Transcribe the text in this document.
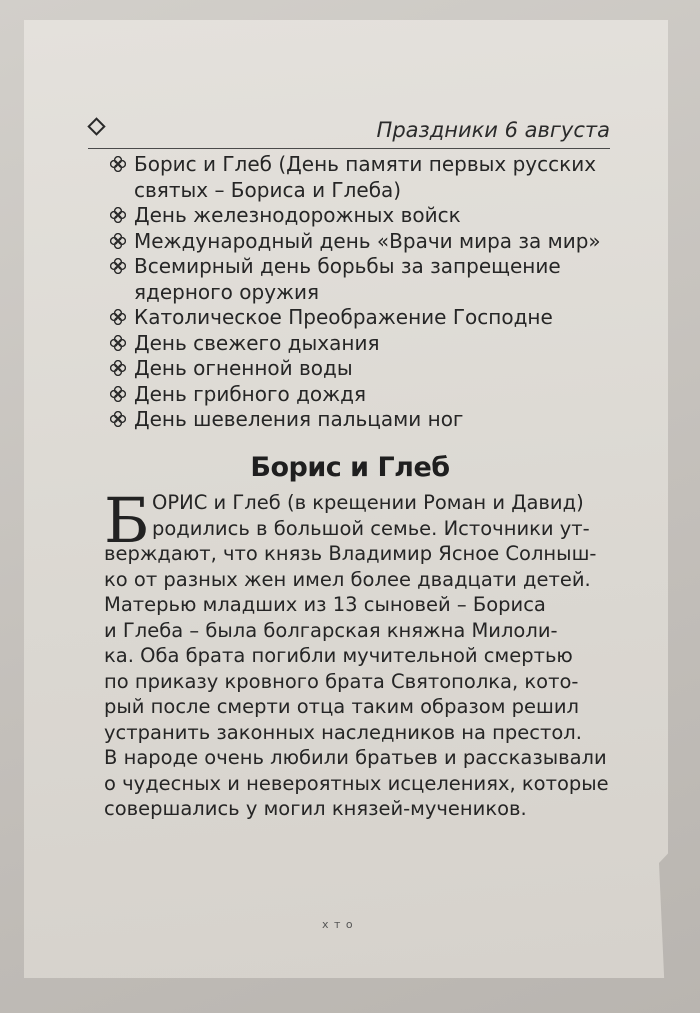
Праздники 6 августа
Борис и Глеб (День памяти первых русских
святых – Бориса и Глеба)
День железнодорожных войск
Международный день «Врачи мира за мир»
Всемирный день борьбы за запрещение
ядерного оружия
Католическое Преображение Господне
День свежего дыхания
День огненной воды
День грибного дождя
День шевеления пальцами ног
Борис и Глеб
Б ОРИС и Глеб (в крещении Роман и Давид)
родились в большой семье. Источники ут-
верждают, что князь Владимир Ясное Солныш-
ко от разных жен имел более двадцати детей.
Матерью младших из 13 сыновей – Бориса
и Глеба – была болгарская княжна Милоли-
ка. Оба брата погибли мучительной смертью
по приказу кровного брата Святополка, кото-
рый после смерти отца таким образом решил
устранить законных наследников на престол.
В народе очень любили братьев и рассказывали
о чудесных и невероятных исцелениях, которые
совершались у могил князей-мучеников.
x т o
